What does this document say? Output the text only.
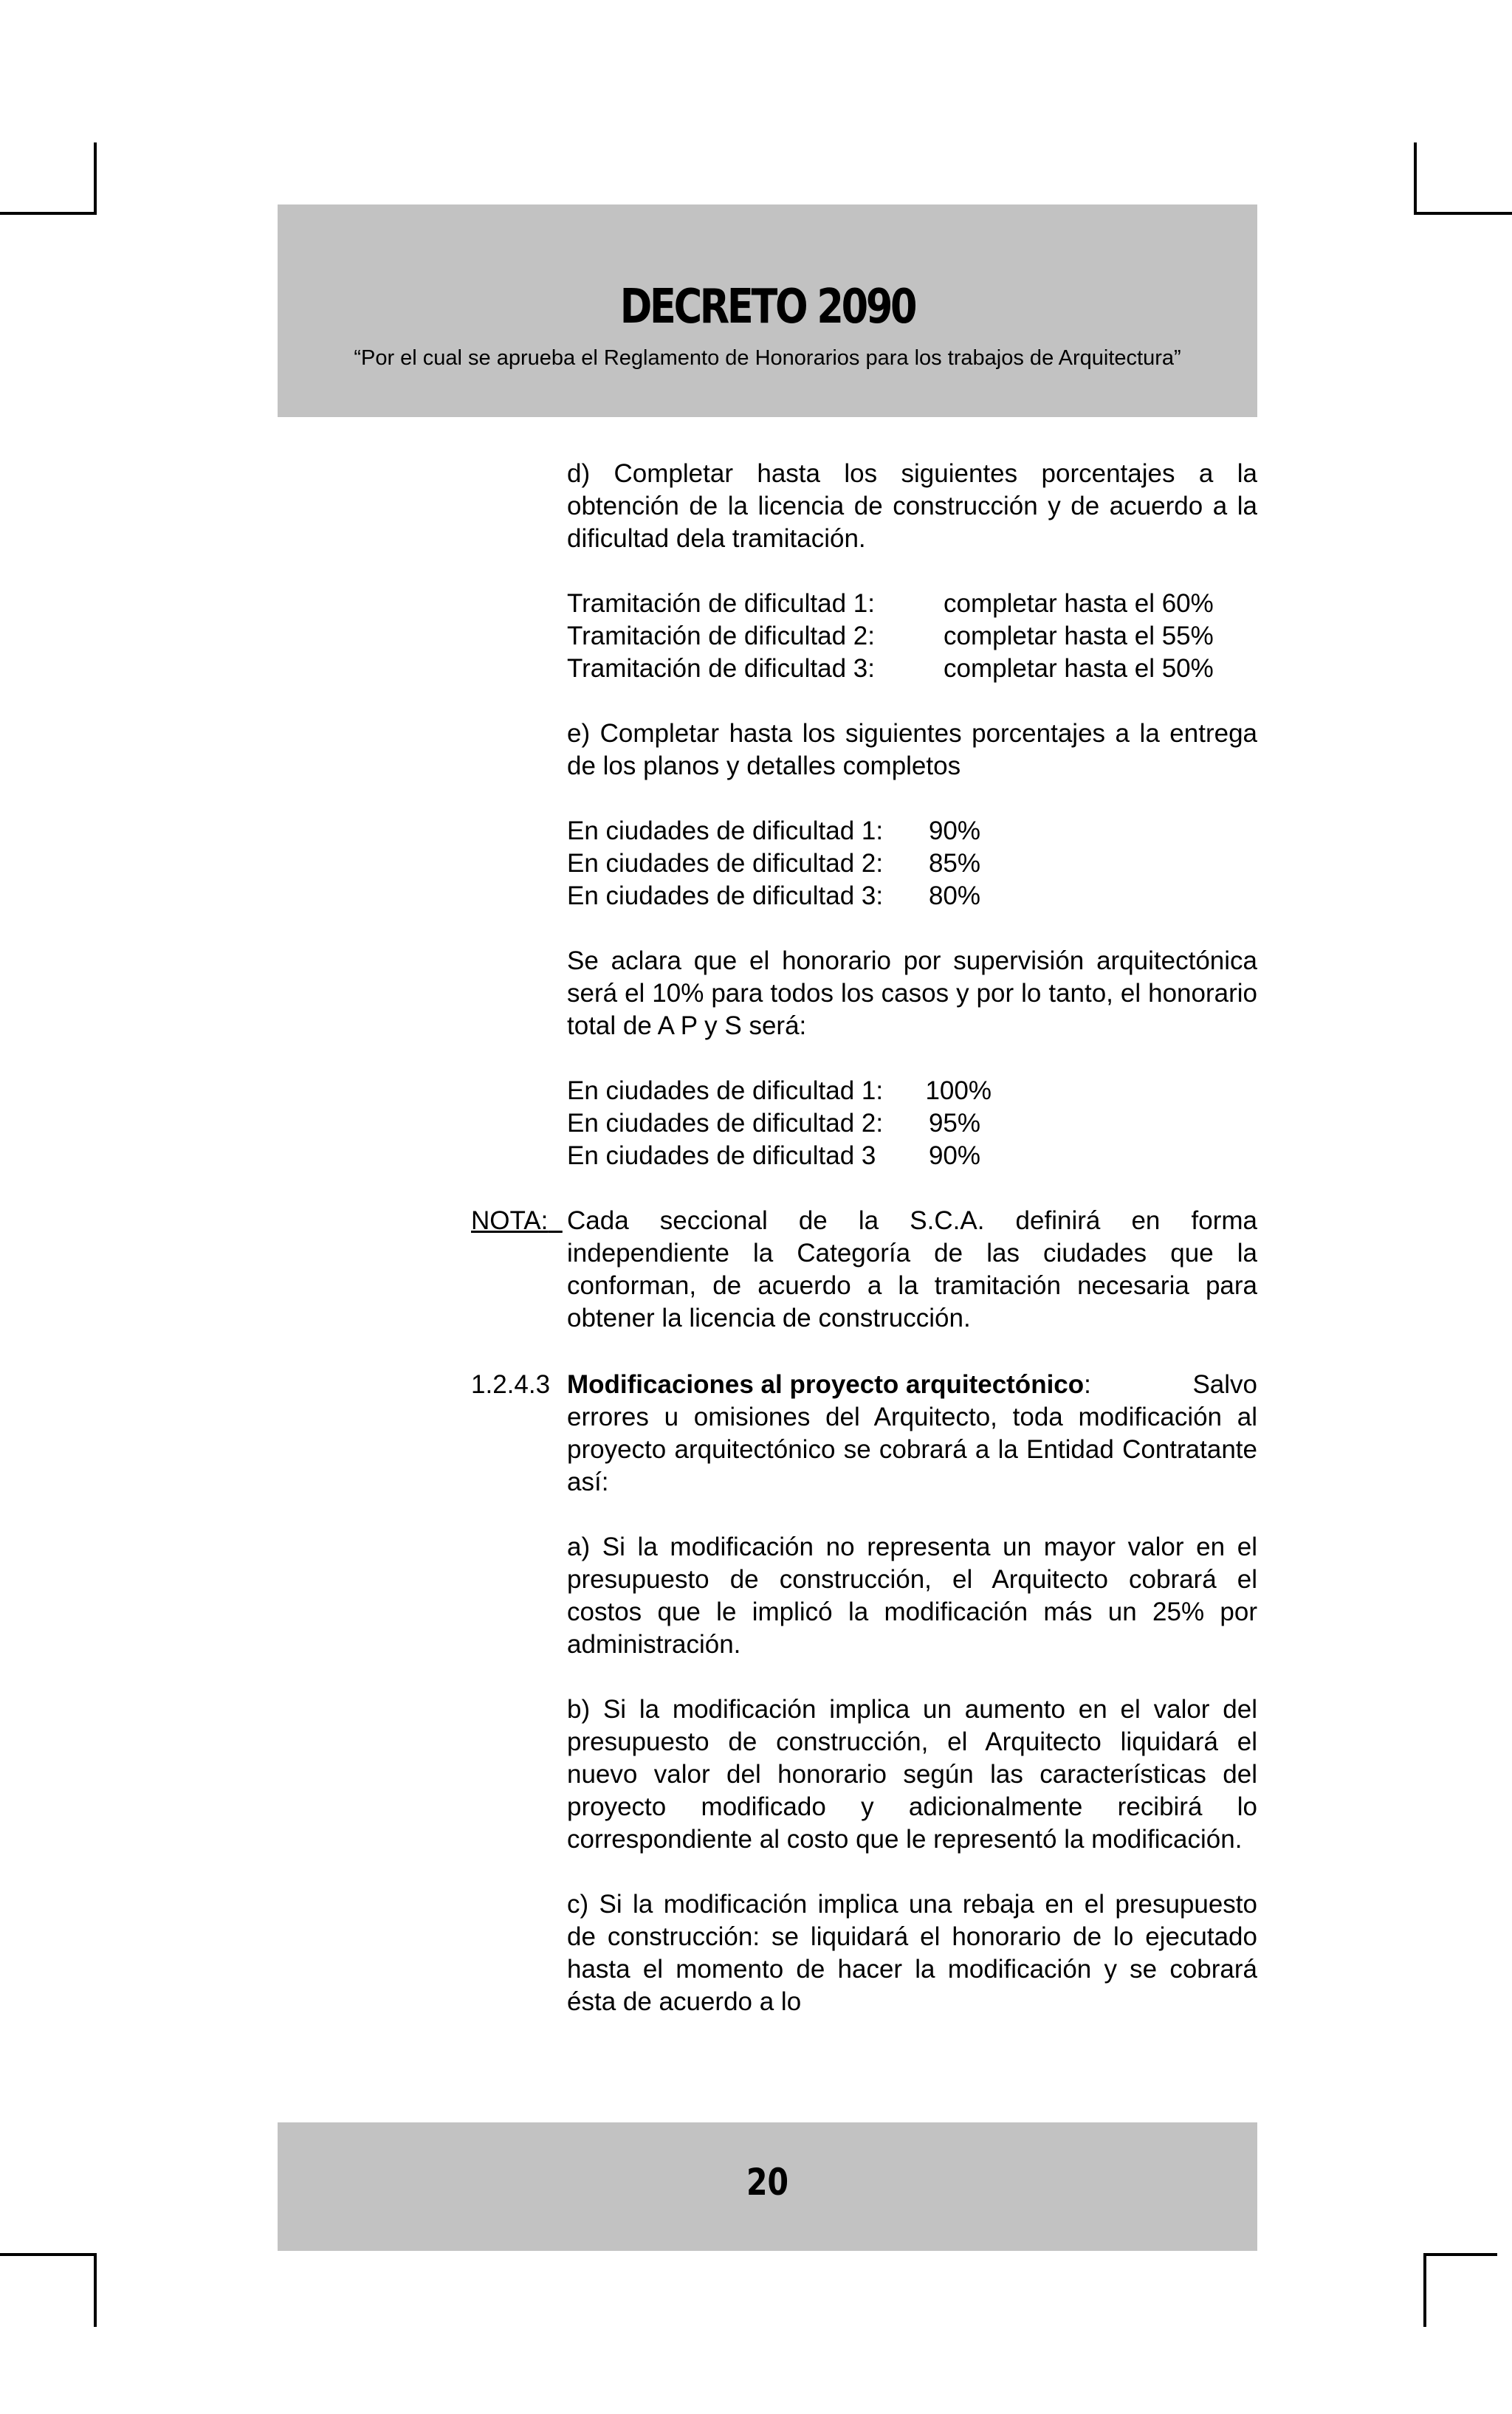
DECRETO 2090
“Por el cual se aprueba el Reglamento de Honorarios para los trabajos de Arquitectura”

d) Completar hasta los siguientes porcentajes a la obtención de la licencia de construcción y de acuerdo a la dificultad dela tramitación.

Tramitación de dificultad 1:	completar hasta el 60%
Tramitación de dificultad 2:	completar hasta el 55%
Tramitación de dificultad 3:	completar hasta el 50%

e) Completar hasta los siguientes porcentajes a la entrega de los planos y detalles completos

En ciudades de dificultad 1:	90%
En ciudades de dificultad 2:	85%
En ciudades de dificultad 3:	80%

Se aclara que el honorario por supervisión arquitectónica será el 10% para todos los casos y por lo tanto, el honorario total de A P y S será:

En ciudades de dificultad 1:	100%
En ciudades de dificultad 2:	95%
En ciudades de dificultad 3	90%
NOTA: Cada seccional de la S.C.A. definirá en forma independiente la Categoría de las ciudades que la conforman, de acuerdo a la tramitación necesaria para obtener la licencia de construcción.
1.2.4.3 Modificaciones al proyecto arquitectónico:	Salvo

errores u omisiones del Arquitecto, toda modificación al proyecto arquitectónico se cobrará a la Entidad Contratante así:

a) Si la modificación no representa un mayor valor en el presupuesto de construcción, el Arquitecto cobrará el costos que le implicó la modificación más un 25% por administración.

b) Si la modificación implica un aumento en el valor del presupuesto de construcción, el Arquitecto liquidará el nuevo valor del honorario según las características del proyecto modificado y adicionalmente recibirá lo correspondiente al costo que le representó la modificación.

c) Si la modificación implica una rebaja en el presupuesto de construcción: se liquidará el honorario de lo ejecutado hasta el momento de hacer la modificación y se cobrará ésta de acuerdo a lo

20
